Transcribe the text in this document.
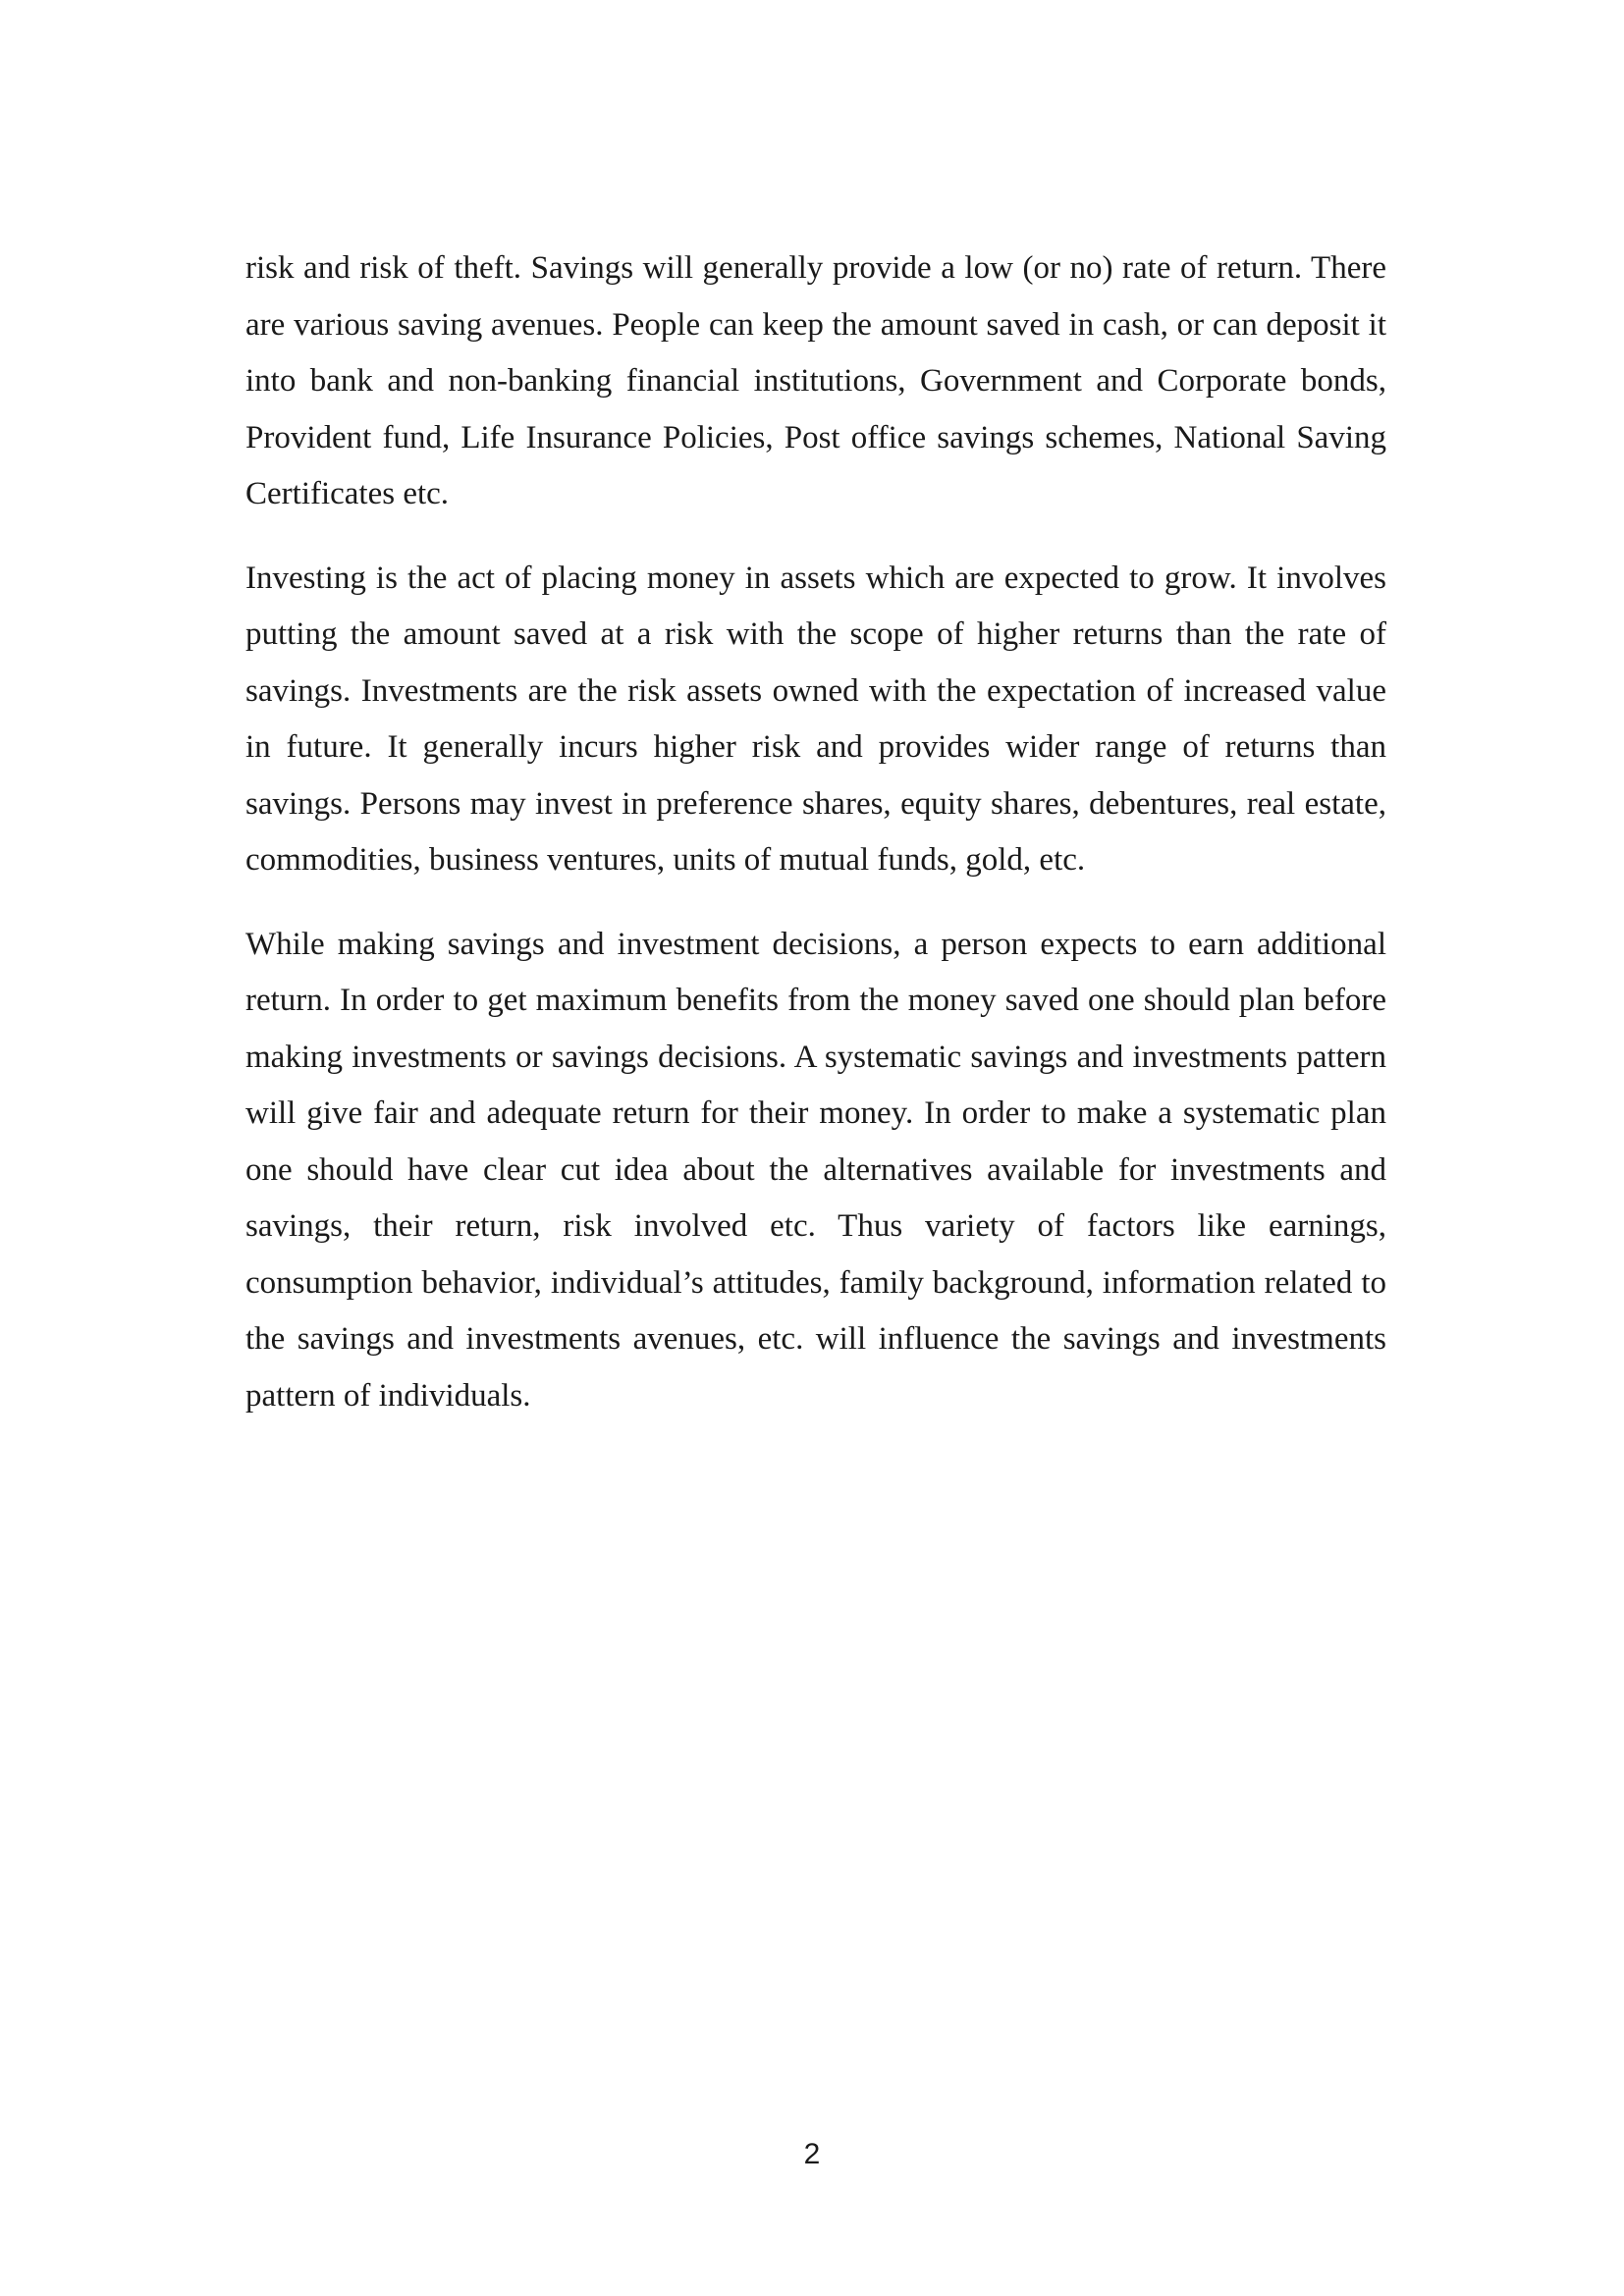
risk and risk of theft. Savings will generally provide a low (or no) rate of return. There are various saving avenues. People can keep the amount saved in cash, or can deposit it into bank and non-banking financial institutions, Government and Corporate bonds, Provident fund, Life Insurance Policies, Post office savings schemes, National Saving Certificates etc.

Investing is the act of placing money in assets which are expected to grow. It involves putting the amount saved at a risk with the scope of higher returns than the rate of savings. Investments are the risk assets owned with the expectation of increased value in future. It generally incurs higher risk and provides wider range of returns than savings. Persons may invest in preference shares, equity shares, debentures, real estate, commodities, business ventures, units of mutual funds, gold, etc.

While making savings and investment decisions, a person expects to earn additional return. In order to get maximum benefits from the money saved one should plan before making investments or savings decisions. A systematic savings and investments pattern will give fair and adequate return for their money. In order to make a systematic plan one should have clear cut idea about the alternatives available for investments and savings, their return, risk involved etc. Thus variety of factors like earnings, consumption behavior, individual’s attitudes, family background, information related to the savings and investments avenues, etc. will influence the savings and investments pattern of individuals.

2
